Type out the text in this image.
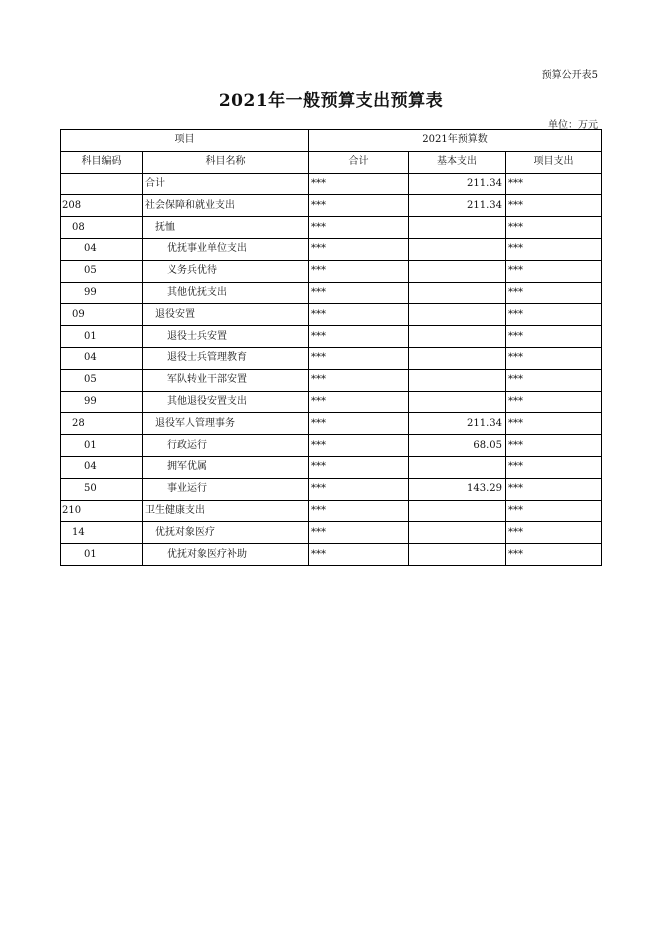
预算公开表5
2021年一般预算支出预算表
单位：万元
项目		2021年预算数		
科目编码	科目名称	合计	基本支出	项目支出
	合计	***	211.34	***
208	社会保障和就业支出	***	211.34	***
08	抚恤	***		***
04	优抚事业单位支出	***		***
05	义务兵优待	***		***
99	其他优抚支出	***		***
09	退役安置	***		***
01	退役士兵安置	***		***
04	退役士兵管理教育	***		***
05	军队转业干部安置	***		***
99	其他退役安置支出	***		***
28	退役军人管理事务	***	211.34	***
01	行政运行	***	68.05	***
04	拥军优属	***		***
50	事业运行	***	143.29	***
210	卫生健康支出	***		***
14	优抚对象医疗	***		***
01	优抚对象医疗补助	***		***
